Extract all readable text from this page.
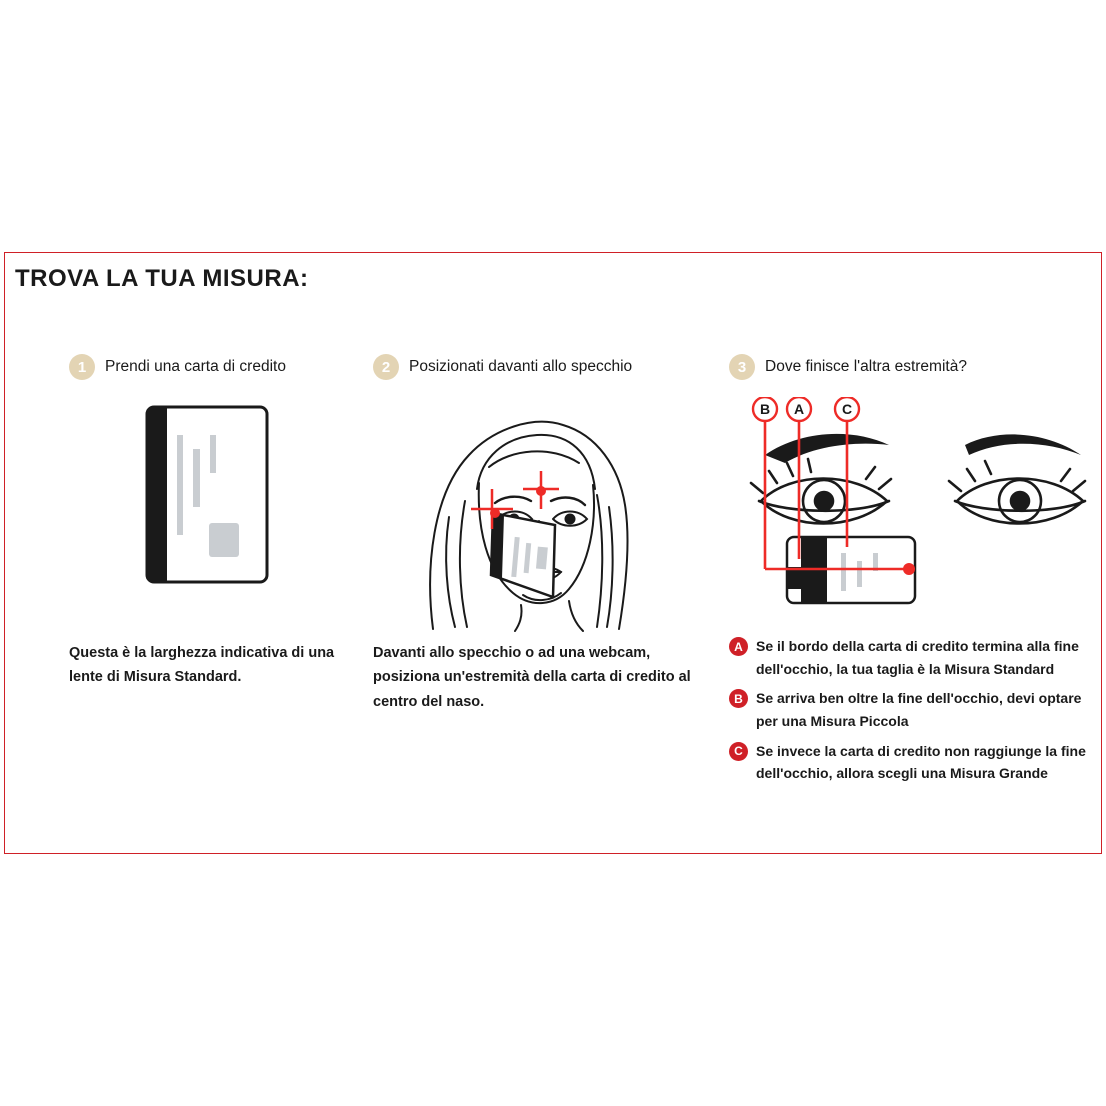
TROVA LA TUA MISURA:
1	Prendi una carta di credito
Questa è la larghezza indicativa di una lente di Misura Standard.
2	Posizionati davanti allo specchio
Davanti allo specchio o ad una webcam, posiziona un'estremità della carta di credito al centro del naso.
3	Dove finisce l'altra estremità?
B A	C
A Se il bordo della carta di credito termina alla fine dell'occhio, la tua taglia è la Misura Standard
B Se arriva ben oltre la fine dell'occhio, devi optare per una Misura Piccola
C Se invece la carta di credito non raggiunge la fine dell'occhio, allora scegli una Misura Grande
